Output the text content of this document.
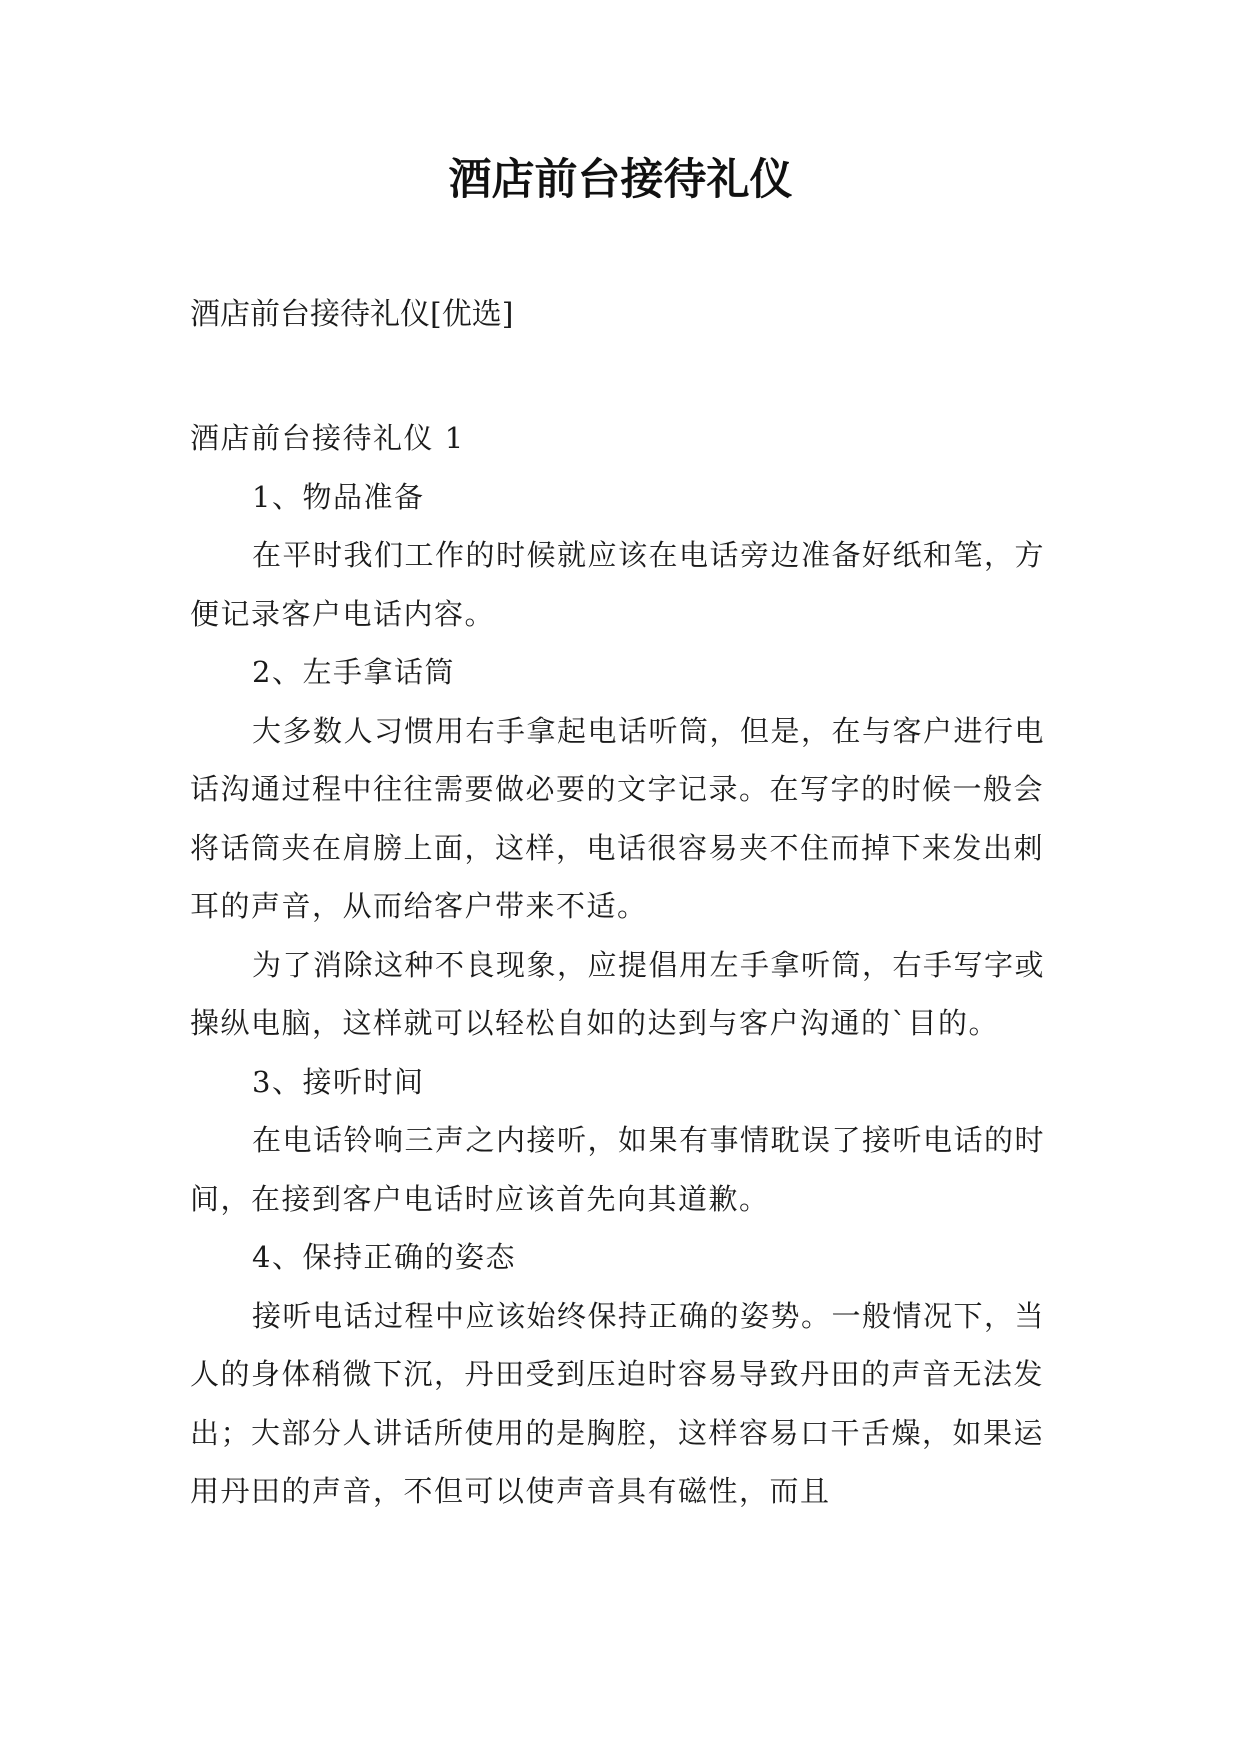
酒店前台接待礼仪

酒店前台接待礼仪[优选]

酒店前台接待礼仪 1

1、物品准备

在平时我们工作的时候就应该在电话旁边准备好纸和笔，方便记录客户电话内容。

2、左手拿话筒

大多数人习惯用右手拿起电话听筒，但是，在与客户进行电话沟通过程中往往需要做必要的文字记录。在写字的时候一般会将话筒夹在肩膀上面，这样，电话很容易夹不住而掉下来发出刺耳的声音，从而给客户带来不适。

为了消除这种不良现象，应提倡用左手拿听筒，右手写字或操纵电脑，这样就可以轻松自如的达到与客户沟通的`目的。

3、接听时间

在电话铃响三声之内接听，如果有事情耽误了接听电话的时间，在接到客户电话时应该首先向其道歉。

4、保持正确的姿态

接听电话过程中应该始终保持正确的姿势。一般情况下，当人的身体稍微下沉，丹田受到压迫时容易导致丹田的声音无法发出；大部分人讲话所使用的是胸腔，这样容易口干舌燥，如果运用丹田的声音，不但可以使声音具有磁性，而且
